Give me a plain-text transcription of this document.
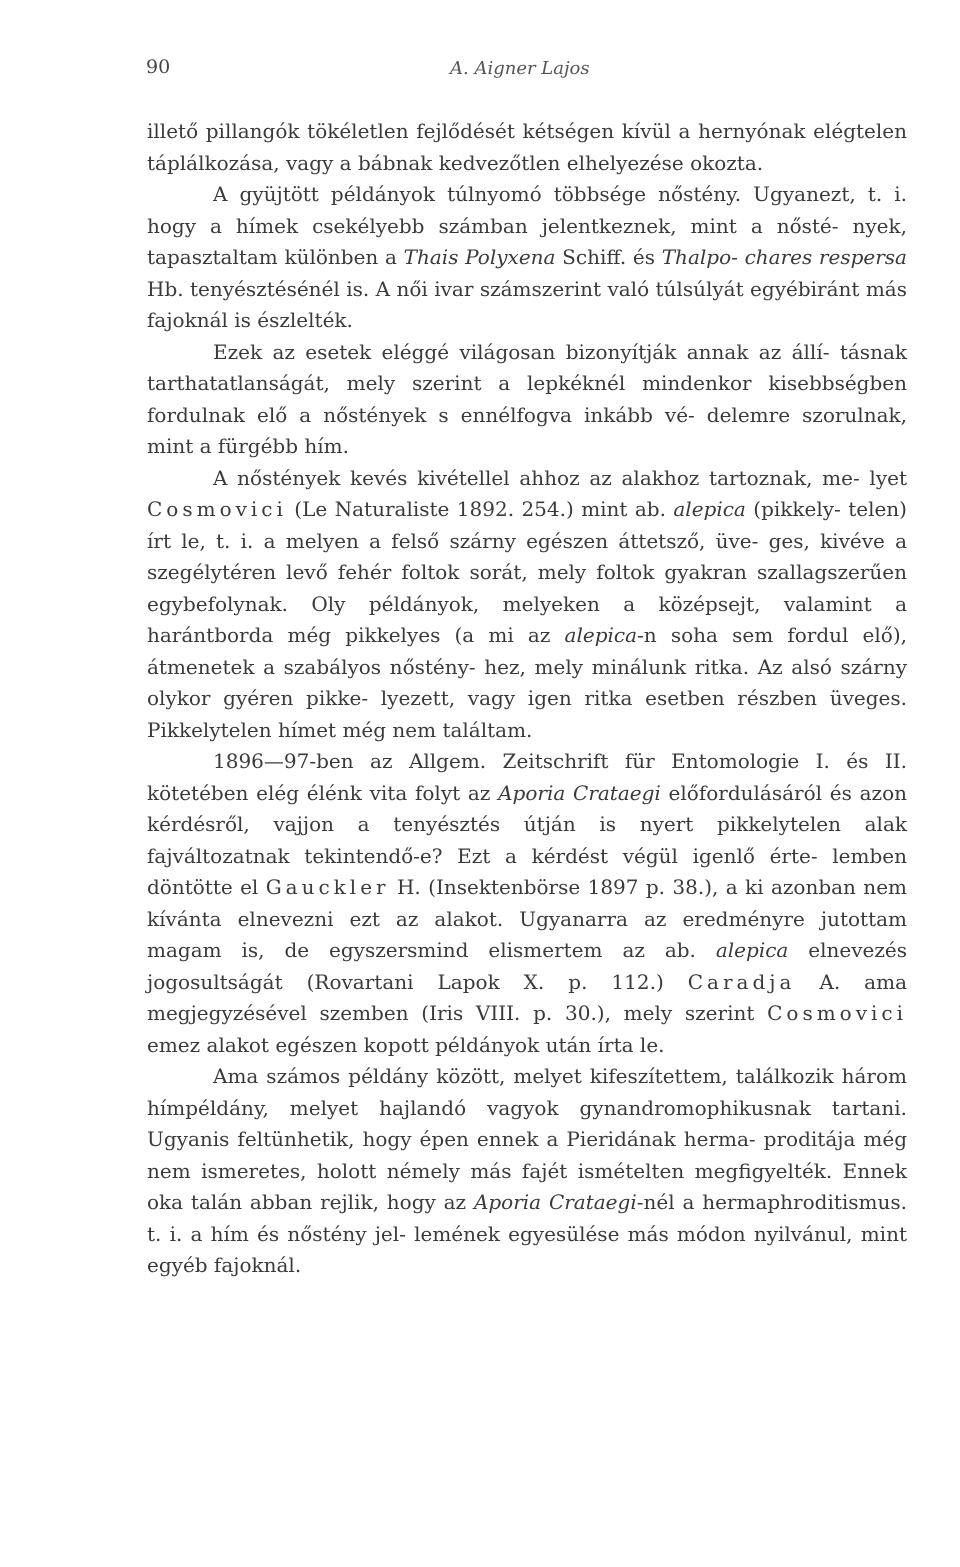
90	A. Aigner Lajos

illető pillangók tökéletlen fejlődését kétségen kívül a hernyónak elégtelen táplálkozása, vagy a bábnak kedvezőtlen elhelyezése okozta.

A gyüjtött példányok túlnyomó többsége nőstény. Ugyanezt, t. i. hogy a hímek csekélyebb számban jelentkeznek, mint a nősté- nyek, tapasztaltam különben a Thais Polyxena Schiff. és Thalpo- chares respersa Hb. tenyésztésénél is. A női ivar számszerint való túlsúlyát egyébiránt más fajoknál is észlelték.

Ezek az esetek eléggé világosan bizonyítják annak az állí- tásnak tarthatatlanságát, mely szerint a lepkéknél mindenkor kisebbségben fordulnak elő a nőstények s ennélfogva inkább vé- delemre szorulnak, mint a fürgébb hím.

A nőstények kevés kivétellel ahhoz az alakhoz tartoznak, me- lyet Cosmovici (Le Naturaliste 1892. 254.) mint ab. alepica (pikkely- telen) írt le, t. i. a melyen a felső szárny egészen áttetsző, üve- ges, kivéve a szegélytéren levő fehér foltok sorát, mely foltok gyakran szallagszerűen egybefolynak. Oly példányok, melyeken a középsejt, valamint a harántborda még pikkelyes (a mi az alepica-n soha sem fordul elő), átmenetek a szabályos nőstény- hez, mely minálunk ritka. Az alsó szárny olykor gyéren pikke- lyezett, vagy igen ritka esetben részben üveges. Pikkelytelen hímet még nem találtam.

1896—97-ben az Allgem. Zeitschrift für Entomologie I. és II. kötetében elég élénk vita folyt az Aporia Crataegi előfordulásáról és azon kérdésről, vajjon a tenyésztés útján is nyert pikkelytelen alak fajváltozatnak tekintendő-e? Ezt a kérdést végül igenlő érte- lemben döntötte el Gauckler H. (Insektenbörse 1897 p. 38.), a ki azonban nem kívánta elnevezni ezt az alakot. Ugyanarra az eredményre jutottam magam is, de egyszersmind elismertem az ab. alepica elnevezés jogosultságát (Rovartani Lapok X. p. 112.) Caradja A. ama megjegyzésével szemben (Iris VIII. p. 30.), mely szerint Cosmovici emez alakot egészen kopott példányok után írta le.

Ama számos példány között, melyet kifeszítettem, találkozik három hímpéldány, melyet hajlandó vagyok gynandromophikusnak tartani. Ugyanis feltünhetik, hogy épen ennek a Pieridának herma- proditája még nem ismeretes, holott némely más fajét ismételten megfigyelték. Ennek oka talán abban rejlik, hogy az Aporia Crataegi-nél a hermaphroditismus. t. i. a hím és nőstény jel- lemének egyesülése más módon nyilvánul, mint egyéb fajoknál.
